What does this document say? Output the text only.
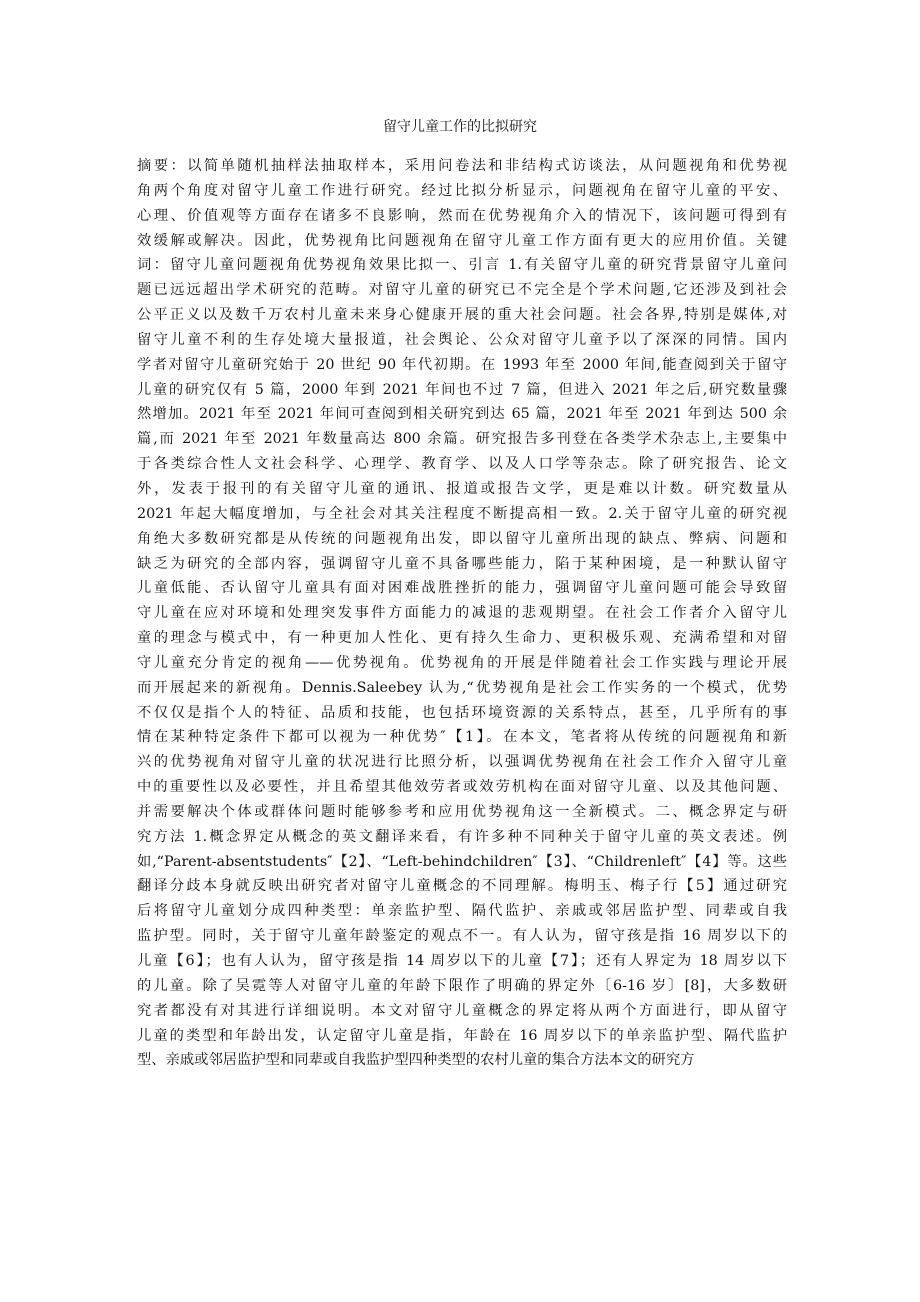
留守儿童工作的比拟研究
摘要：以简单随机抽样法抽取样本，采用问卷法和非结构式访谈法，从问题视角和优势视
角两个角度对留守儿童工作进行研究。经过比拟分析显示，问题视角在留守儿童的平安、
心理、价值观等方面存在诸多不良影响，然而在优势视角介入的情况下，该问题可得到有
效缓解或解决。因此，优势视角比问题视角在留守儿童工作方面有更大的应用价值。关键
词：留守儿童问题视角优势视角效果比拟一、引言 1.有关留守儿童的研究背景留守儿童问
题已远远超出学术研究的范畴。对留守儿童的研究已不完全是个学术问题,它还涉及到社会
公平正义以及数千万农村儿童未来身心健康开展的重大社会问题。社会各界,特别是媒体,对
留守儿童不利的生存处境大量报道，社会舆论、公众对留守儿童予以了深深的同情。国内
学者对留守儿童研究始于 20 世纪 90 年代初期。在 1993 年至 2000 年间,能查阅到关于留守
儿童的研究仅有 5 篇，2000 年到 2021 年间也不过 7 篇，但进入 2021 年之后,研究数量骤
然增加。2021 年至 2021 年间可查阅到相关研究到达 65 篇，2021 年至 2021 年到达 500 余
篇,而 2021 年至 2021 年数量高达 800 余篇。研究报告多刊登在各类学术杂志上,主要集中
于各类综合性人文社会科学、心理学、教育学、以及人口学等杂志。除了研究报告、论文
外，发表于报刊的有关留守儿童的通讯、报道或报告文学，更是难以计数。研究数量从
2021 年起大幅度增加，与全社会对其关注程度不断提高相一致。2.关于留守儿童的研究视
角绝大多数研究都是从传统的问题视角出发，即以留守儿童所出现的缺点、弊病、问题和
缺乏为研究的全部内容，强调留守儿童不具备哪些能力，陷于某种困境，是一种默认留守
儿童低能、否认留守儿童具有面对困难战胜挫折的能力，强调留守儿童问题可能会导致留
守儿童在应对环境和处理突发事件方面能力的减退的悲观期望。在社会工作者介入留守儿
童的理念与模式中，有一种更加人性化、更有持久生命力、更积极乐观、充满希望和对留
守儿童充分肯定的视角——优势视角。优势视角的开展是伴随着社会工作实践与理论开展
而开展起来的新视角。Dennis.Saleebey 认为,“优势视角是社会工作实务的一个模式，优势
不仅仅是指个人的特征、品质和技能，也包括环境资源的关系特点，甚至，几乎所有的事
情在某种特定条件下都可以视为一种优势″【1】。在本文，笔者将从传统的问题视角和新
兴的优势视角对留守儿童的状况进行比照分析，以强调优势视角在社会工作介入留守儿童
中的重要性以及必要性，并且希望其他效劳者或效劳机构在面对留守儿童、以及其他问题、
并需要解决个体或群体问题时能够参考和应用优势视角这一全新模式。二、概念界定与研
究方法 1.概念界定从概念的英文翻译来看，有许多种不同种关于留守儿童的英文表述。例
如,“Parent-absentstudents″【2】、“Left-behindchildren″【3】、“Childrenleft″【4】等。这些
翻译分歧本身就反映出研究者对留守儿童概念的不同理解。梅明玉、梅子行【5】通过研究
后将留守儿童划分成四种类型：单亲监护型、隔代监护、亲戚或邻居监护型、同辈或自我
监护型。同时，关于留守儿童年龄鉴定的观点不一。有人认为，留守孩是指 16 周岁以下的
儿童【6】；也有人认为，留守孩是指 14 周岁以下的儿童【7】；还有人界定为 18 周岁以下
的儿童。除了吴霓等人对留守儿童的年龄下限作了明确的界定外〔6-16 岁〕[8]，大多数研
究者都没有对其进行详细说明。本文对留守儿童概念的界定将从两个方面进行，即从留守
儿童的类型和年龄出发，认定留守儿童是指，年龄在 16 周岁以下的单亲监护型、隔代监护
型、亲戚或邻居监护型和同辈或自我监护型四种类型的农村儿童的集合方法本文的研究方
